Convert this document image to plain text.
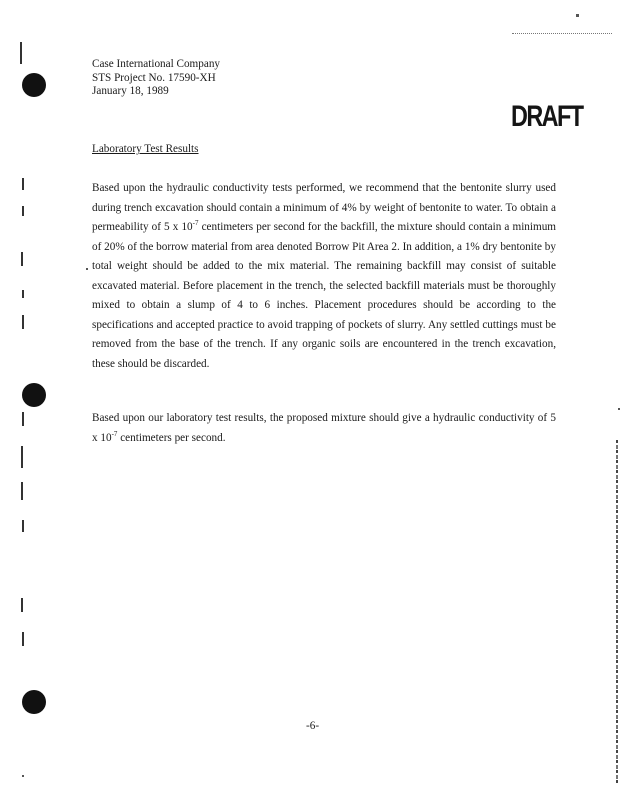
Case International Company
STS Project No. 17590-XH
January 18, 1989
DRAFT
Laboratory Test Results
Based upon the hydraulic conductivity tests performed, we recommend that the bentonite slurry used during trench excavation should contain a minimum of 4% by weight of bentonite to water. To obtain a permeability of 5 x $10^{-7}$ centimeters per second for the backfill, the mixture should contain a minimum of 20% of the borrow material from area denoted Borrow Pit Area 2. In addition, a 1% dry bentonite by total weight should be added to the mix material. The remaining backfill may consist of suitable excavated material. Before placement in the trench, the selected backfill materials must be thoroughly mixed to obtain a slump of 4 to 6 inches. Placement procedures should be according to the specifications and accepted practice to avoid trapping of pockets of slurry. Any settled cuttings must be removed from the base of the trench. If any organic soils are encountered in the trench excavation, these should be discarded.
Based upon our laboratory test results, the proposed mixture should give a hydraulic conductivity of 5 x $10^{-7}$ centimeters per second.
-6-
